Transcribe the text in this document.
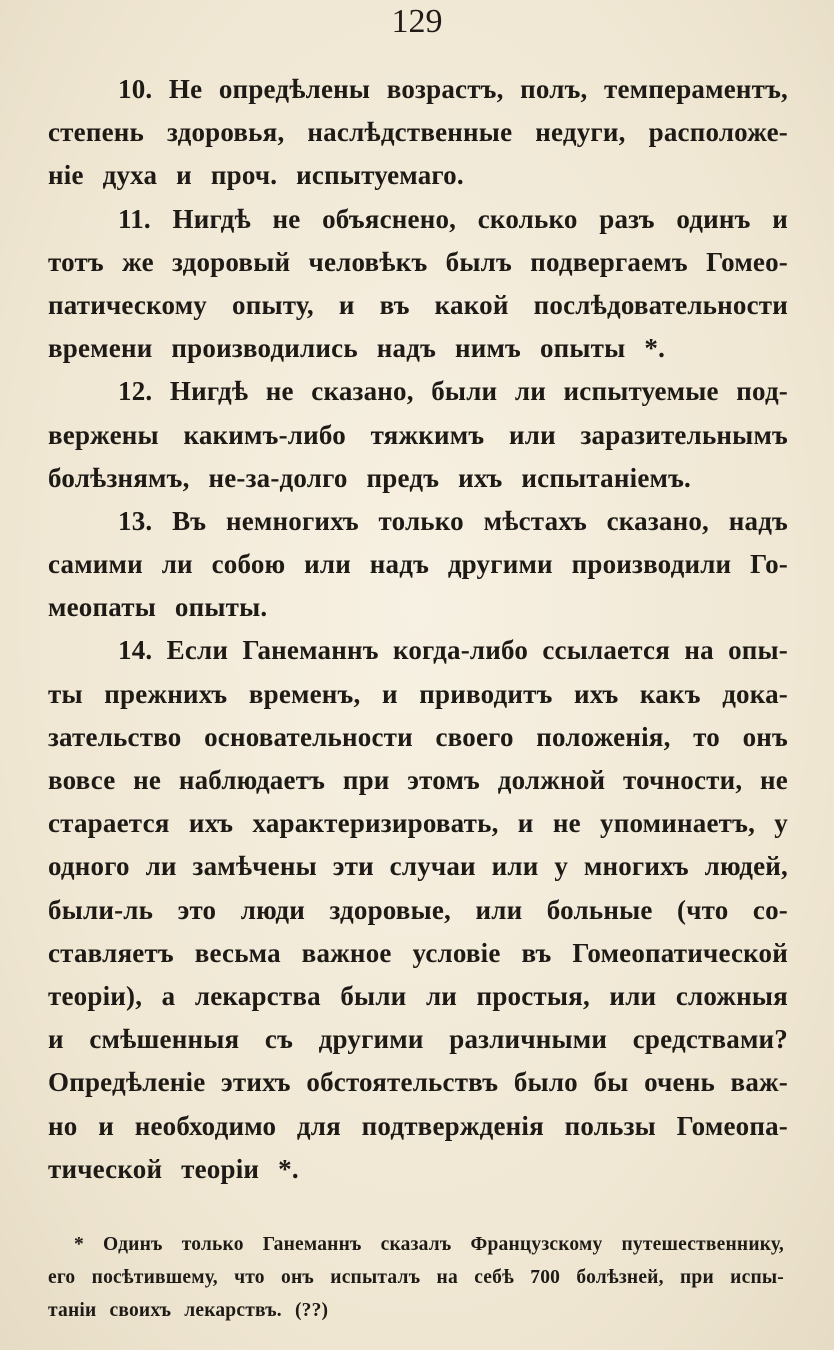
129
10. Не опредѣлены возрастъ, полъ, темпераментъ,
степень здоровья, наслѣдственные недуги, расположе-
ніе духа и проч. испытуемаго.
11. Нигдѣ не объяснено, сколько разъ одинъ и
тотъ же здоровый человѣкъ былъ подвергаемъ Гомео-
патическому опыту, и въ какой послѣдовательности
времени производились надъ нимъ опыты *.
12. Нигдѣ не сказано, были ли испытуемые под-
вержены какимъ-либо тяжкимъ или заразительнымъ
болѣзнямъ, не-за-долго предъ ихъ испытаніемъ.
13. Въ немногихъ только мѣстахъ сказано, надъ
самими ли собою или надъ другими производили Го-
меопаты опыты.
14. Если Ганеманнъ когда-либо ссылается на опы-
ты прежнихъ временъ, и приводитъ ихъ какъ дока-
зательство основательности своего положенія, то онъ
вовсе не наблюдаетъ при этомъ должной точности, не
старается ихъ характеризировать, и не упоминаетъ, у
одного ли замѣчены эти случаи или у многихъ людей,
были-ль это люди здоровые, или больные (что со-
ставляетъ весьма важное условіе въ Гомеопатической
теоріи), а лекарства были ли простыя, или сложныя
и смѣшенныя съ другими различными средствами?
Опредѣленіе этихъ обстоятельствъ было бы очень важ-
но и необходимо для подтвержденія пользы Гомеопа-
тической теоріи *.
* Одинъ только Ганеманнъ сказалъ Французскому путешественнику,
его посѣтившему, что онъ испыталъ на себѣ 700 болѣзней, при испы-
таніи своихъ лекарствъ. (??)
